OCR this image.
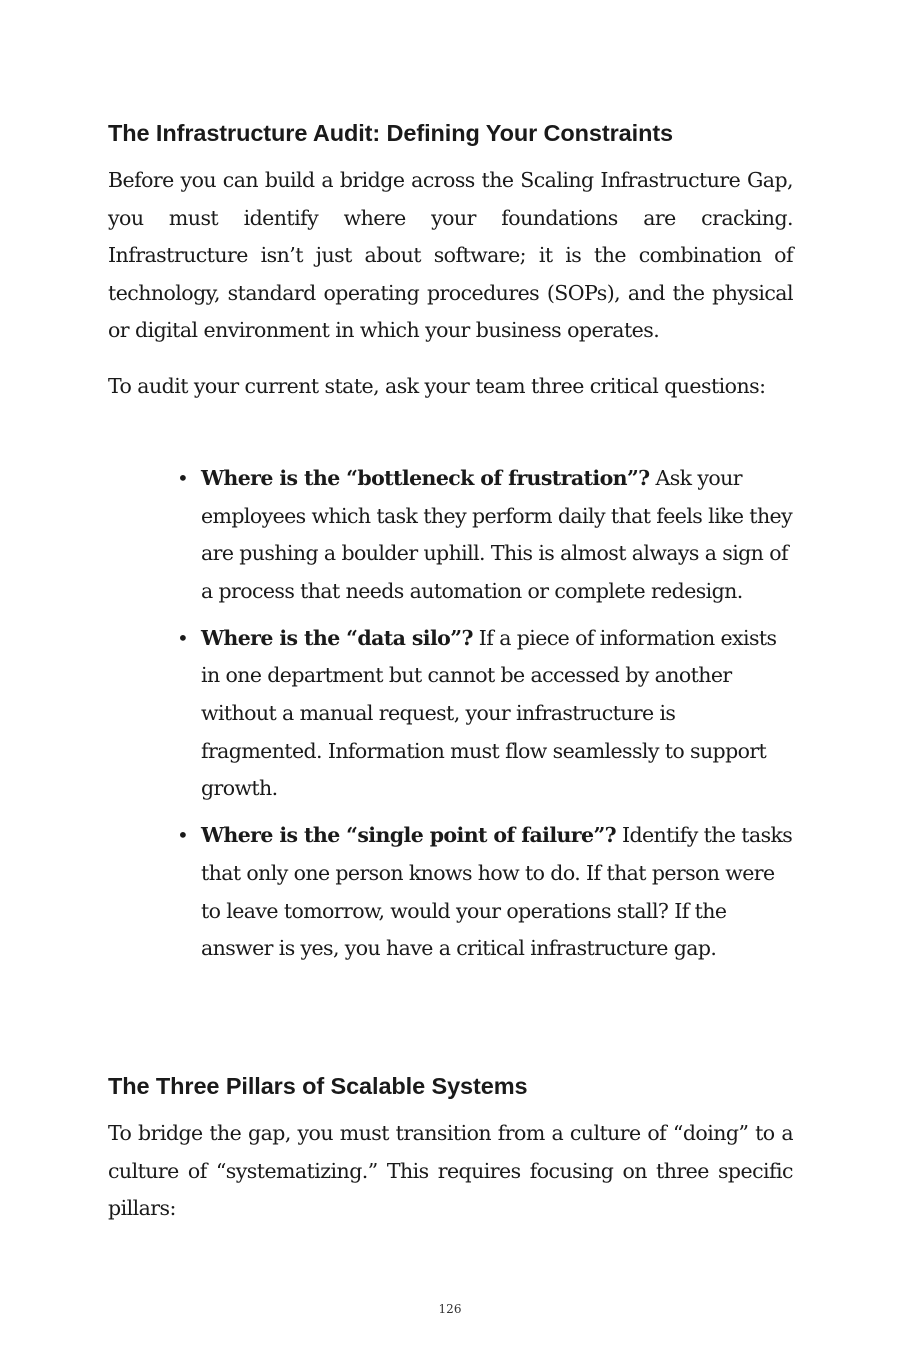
The Infrastructure Audit: Defining Your Constraints

Before you can build a bridge across the Scaling Infrastructure Gap, you must identify where your foundations are cracking. Infrastructure isn’t just about software; it is the combination of technology, standard operating procedures (SOPs), and the physical or digital environment in which your business operates.

To audit your current state, ask your team three critical questions:

• Where is the “bottleneck of frustration”? Ask your employees which task they perform daily that feels like they are pushing a boulder uphill. This is almost always a sign of a process that needs automation or complete redesign.
• Where is the “data silo”? If a piece of information exists in one department but cannot be accessed by another without a manual request, your infrastructure is fragmented. Information must flow seamlessly to support growth.
• Where is the “single point of failure”? Identify the tasks that only one person knows how to do. If that person were to leave tomorrow, would your operations stall? If the answer is yes, you have a critical infrastructure gap.
The Three Pillars of Scalable Systems

To bridge the gap, you must transition from a culture of “doing” to a culture of “systematizing.” This requires focusing on three specific pillars:

126
